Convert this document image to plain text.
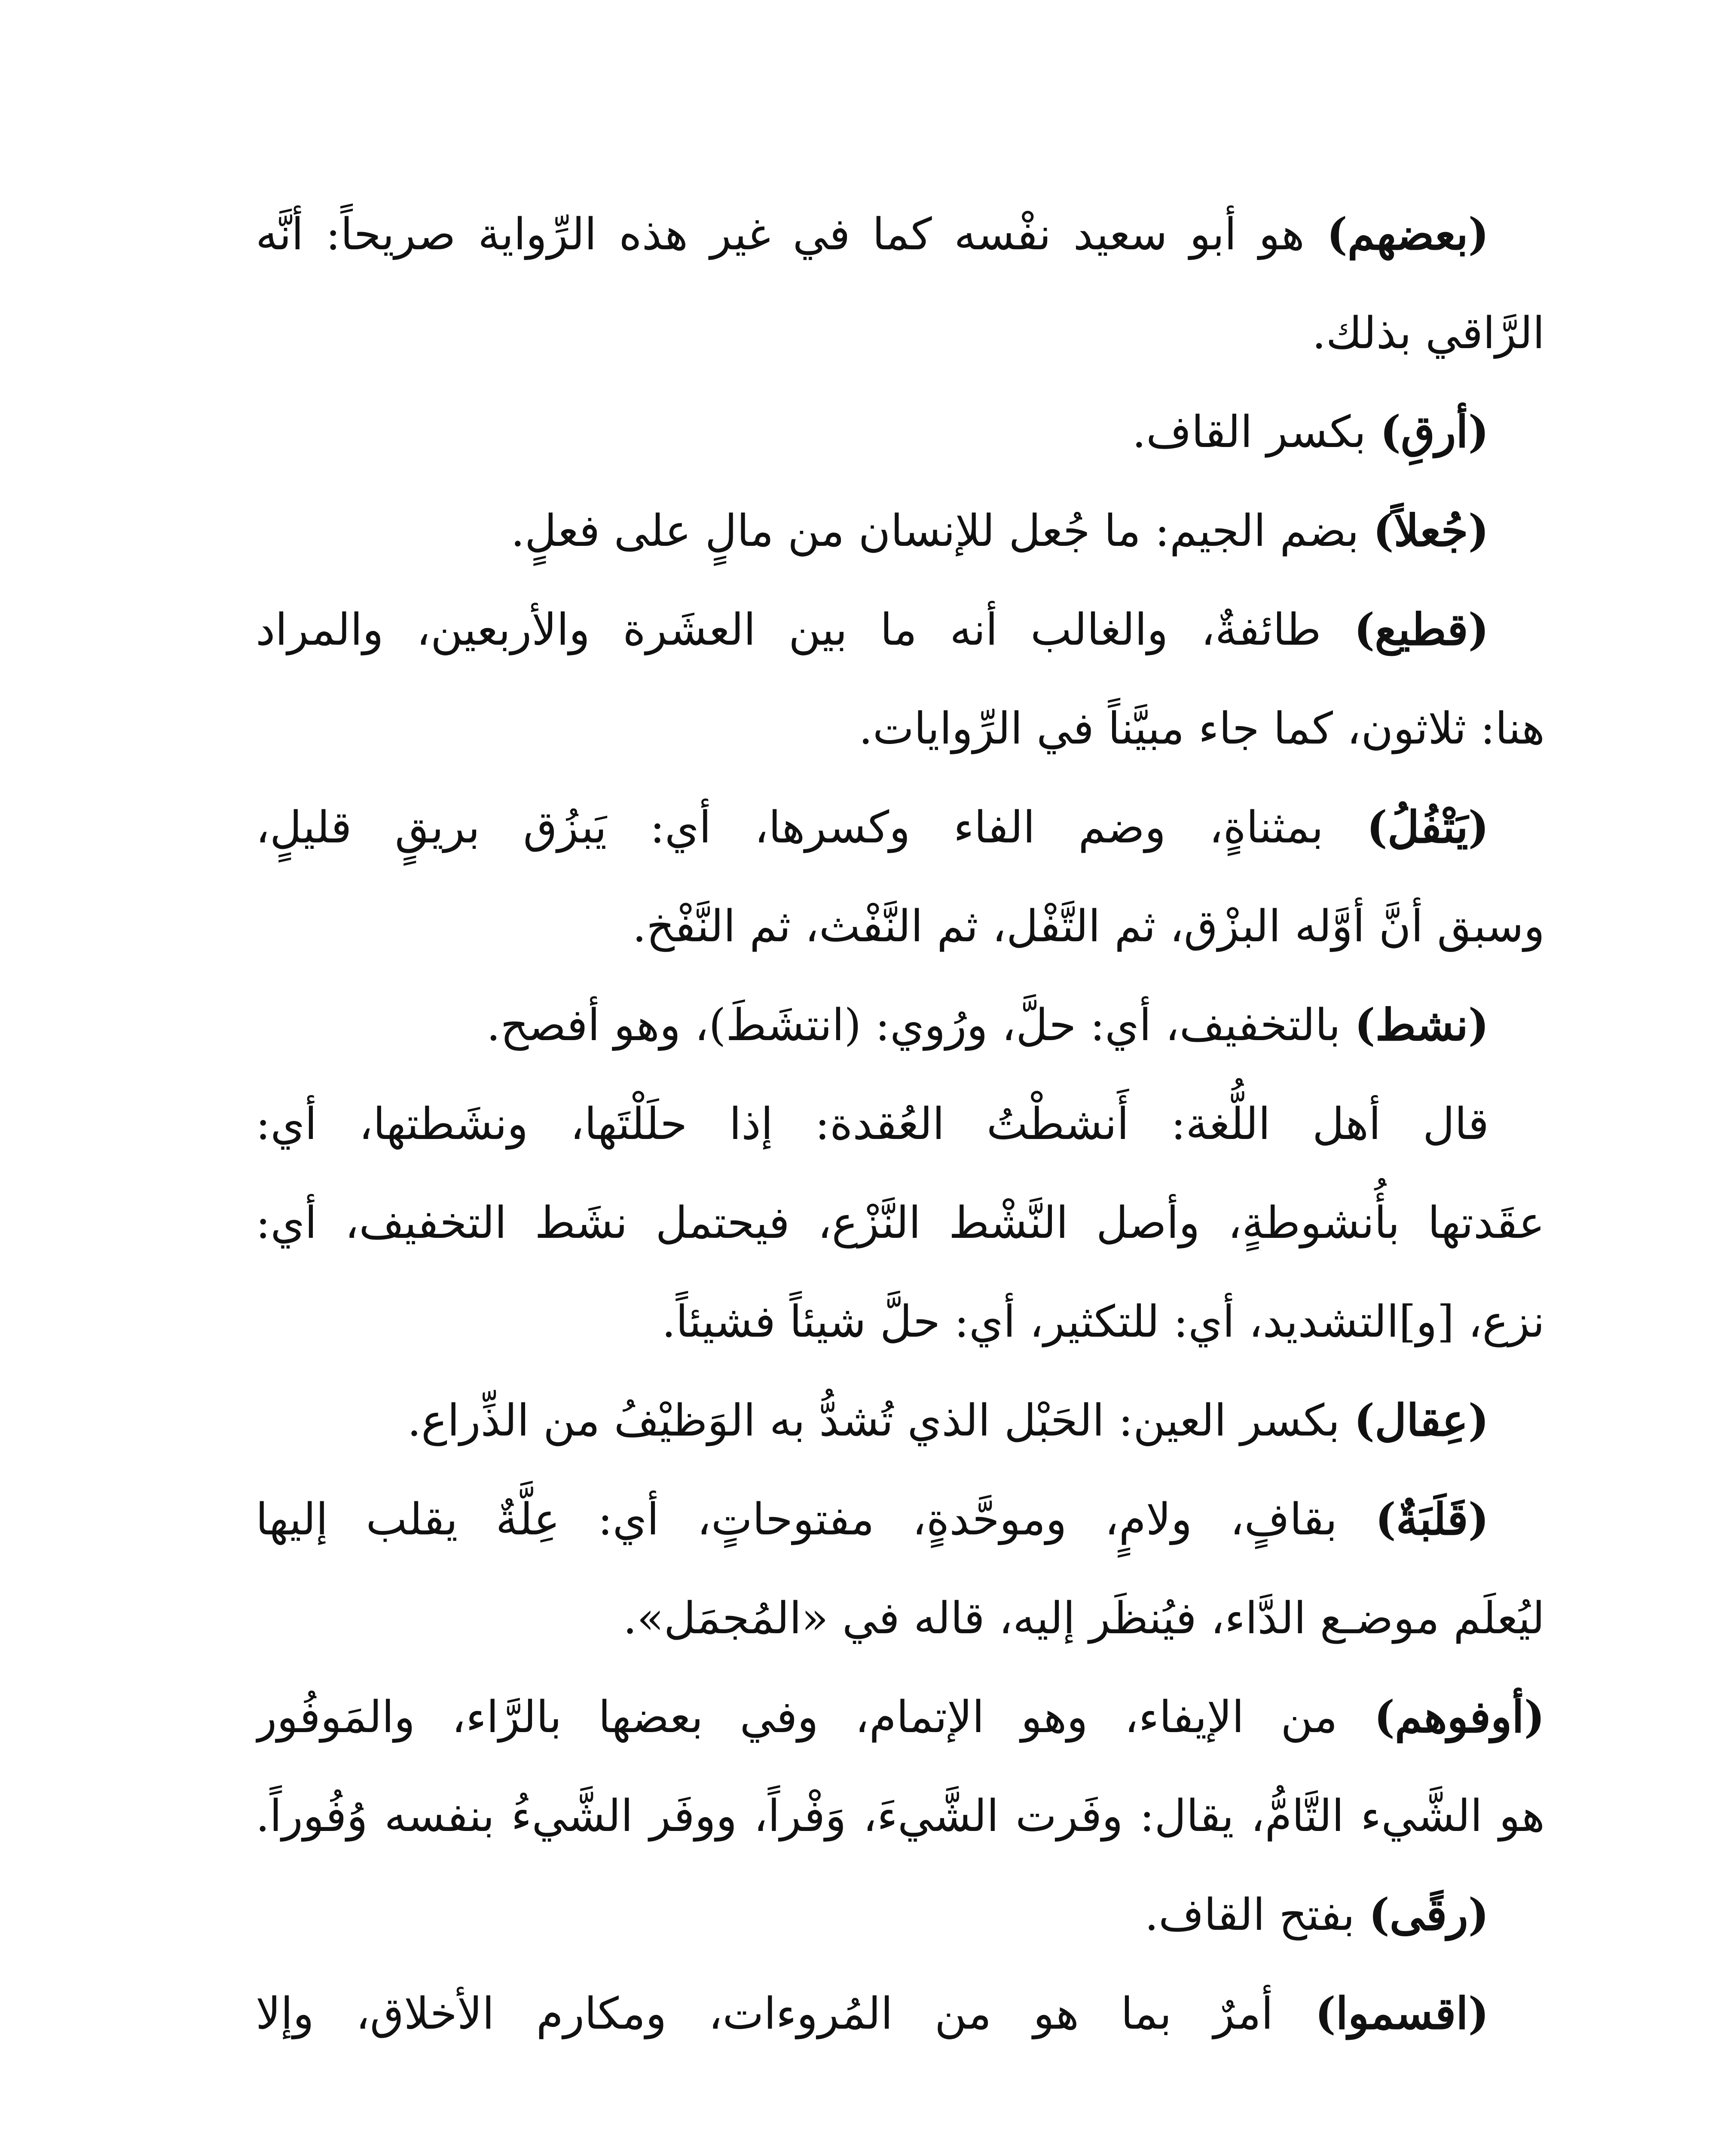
(بعضهم) هو أبو سعيد نفْسه كما في غير هذه الرِّواية صريحاً: أنَّه
الرَّاقي بذلك.
(أرقِ) بكسر القاف.
(جُعلاً) بضم الجيم: ما جُعل للإنسان من مالٍ على فعلٍ.
(قطيع) طائفةٌ، والغالب أنه ما بين العشَرة والأربعين، والمراد
هنا: ثلاثون، كما جاء مبيَّناً في الرِّوايات.
(يَتْفُلُ) بمثناةٍ، وضم الفاء وكسرها، أي: يَبزُق بريقٍ قليلٍ،
وسبق أنَّ أوَّله البزْق، ثم التَّفْل، ثم النَّفْث، ثم النَّفْخ.
(نشط) بالتخفيف، أي: حلَّ، ورُوي: (انتشَطَ)، وهو أفصح.
قال أهل اللُّغة: أَنشطْتُ العُقدة: إذا حلَلْتَها، ونشَطتها، أي:
عقَدتها بأُنشوطةٍ، وأصل النَّشْط النَّزْع، فيحتمل نشَط التخفيف، أي:
نزع، [و]التشديد، أي: للتكثير، أي: حلَّ شيئاً فشيئاً.
(عِقال) بكسر العين: الحَبْل الذي تُشدُّ به الوَظيْفُ من الذِّراع.
(قَلَبَةٌ) بقافٍ، ولامٍ، وموحَّدةٍ، مفتوحاتٍ، أي: عِلَّةٌ يقلب إليها
ليُعلَم موضـع الدَّاء، فيُنظَر إليه، قاله في «المُجمَل».
(أوفوهم) من الإيفاء، وهو الإتمام، وفي بعضها بالرَّاء، والمَوفُور
هو الشَّيء التَّامُّ، يقال: وفَرت الشَّيءَ، وَفْراً، ووفَر الشَّيءُ بنفسه وُفُوراً.
(رقًى) بفتح القاف.
(اقسموا) أمرٌ بما هو من المُروءات، ومكارم الأخلاق، وإلا
